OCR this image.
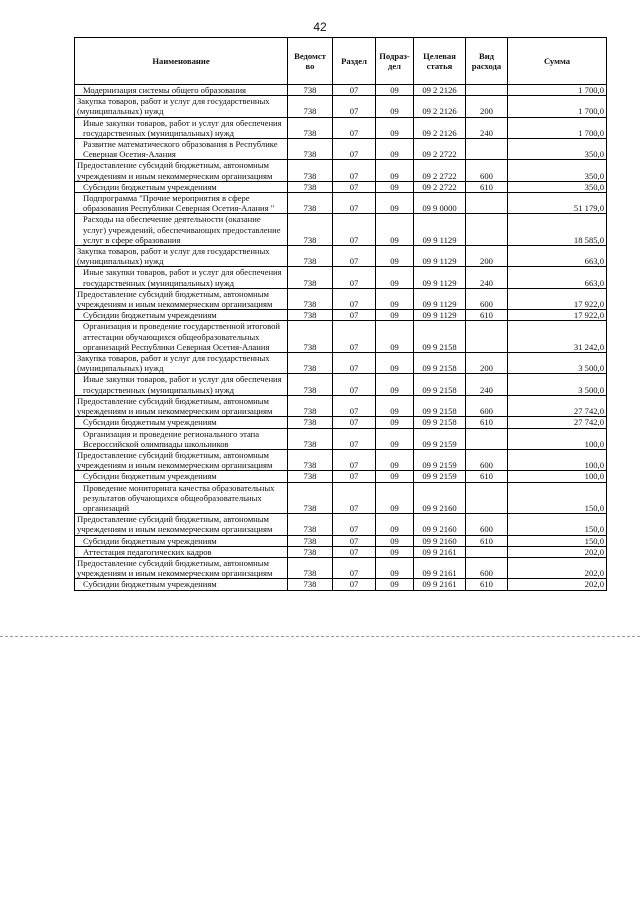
42
Наименование	Ведомст во	Раздел	Подраз- дел	Целевая статья	Вид расхода	Сумма
Модернизация системы общего образования	738	07	09	09 2 2126		1 700,0
Закупка товаров, работ и услуг для государственных (муниципальных) нужд	738	07	09	09 2 2126	200	1 700,0
Иные закупки товаров, работ и услуг для обеспечения государственных (муниципальных) нужд	738	07	09	09 2 2126	240	1 700,0
Развитие математического образования в Республике Северная Осетия-Алания	738	07	09	09 2 2722		350,0
Предоставление субсидий бюджетным, автономным учреждениям и иным некоммерческим организациям	738	07	09	09 2 2722	600	350,0
Субсидии бюджетным учреждениям	738	07	09	09 2 2722	610	350,0
Подпрограмма "Прочие мероприятия в сфере образования Республики Северная Осетия-Алания "	738	07	09	09 9 0000		51 179,0
Расходы на обеспечение деятельности (оказание услуг) учреждений, обеспечивающих предоставление услуг в сфере образования	738	07	09	09 9 1129		18 585,0
Закупка товаров, работ и услуг для государственных (муниципальных) нужд	738	07	09	09 9 1129	200	663,0
Иные закупки товаров, работ и услуг для обеспечения государственных (муниципальных) нужд	738	07	09	09 9 1129	240	663,0
Предоставление субсидий бюджетным, автономным учреждениям и иным некоммерческим организациям	738	07	09	09 9 1129	600	17 922,0
Субсидии бюджетным учреждениям	738	07	09	09 9 1129	610	17 922,0
Организация и проведение государственной итоговой аттестации обучающихся общеобразовательных организаций Республики Северная Осетия-Алания	738	07	09	09 9 2158		31 242,0
Закупка товаров, работ и услуг для государственных (муниципальных) нужд	738	07	09	09 9 2158	200	3 500,0
Иные закупки товаров, работ и услуг для обеспечения государственных (муниципальных) нужд	738	07	09	09 9 2158	240	3 500,0
Предоставление субсидий бюджетным, автономным учреждениям и иным некоммерческим организациям	738	07	09	09 9 2158	600	27 742,0
Субсидии бюджетным учреждениям	738	07	09	09 9 2158	610	27 742,0
Организация и проведение регионального этапа Всероссийской олимпиады школьников	738	07	09	09 9 2159		100,0
Предоставление субсидий бюджетным, автономным учреждениям и иным некоммерческим организациям	738	07	09	09 9 2159	600	100,0
Субсидии бюджетным учреждениям	738	07	09	09 9 2159	610	100,0
Проведение мониторинга качества образовательных результатов обучающихся общеобразовательных организаций	738	07	09	09 9 2160		150,0
Предоставление субсидий бюджетным, автономным учреждениям и иным некоммерческим организациям	738	07	09	09 9 2160	600	150,0
Субсидии бюджетным учреждениям	738	07	09	09 9 2160	610	150,0
Аттестация педагогических кадров	738	07	09	09 9 2161		202,0
Предоставление субсидий бюджетным, автономным учреждениям и иным некоммерческим организациям	738	07	09	09 9 2161	600	202,0
Субсидии бюджетным учреждениям	738	07	09	09 9 2161	610	202,0
